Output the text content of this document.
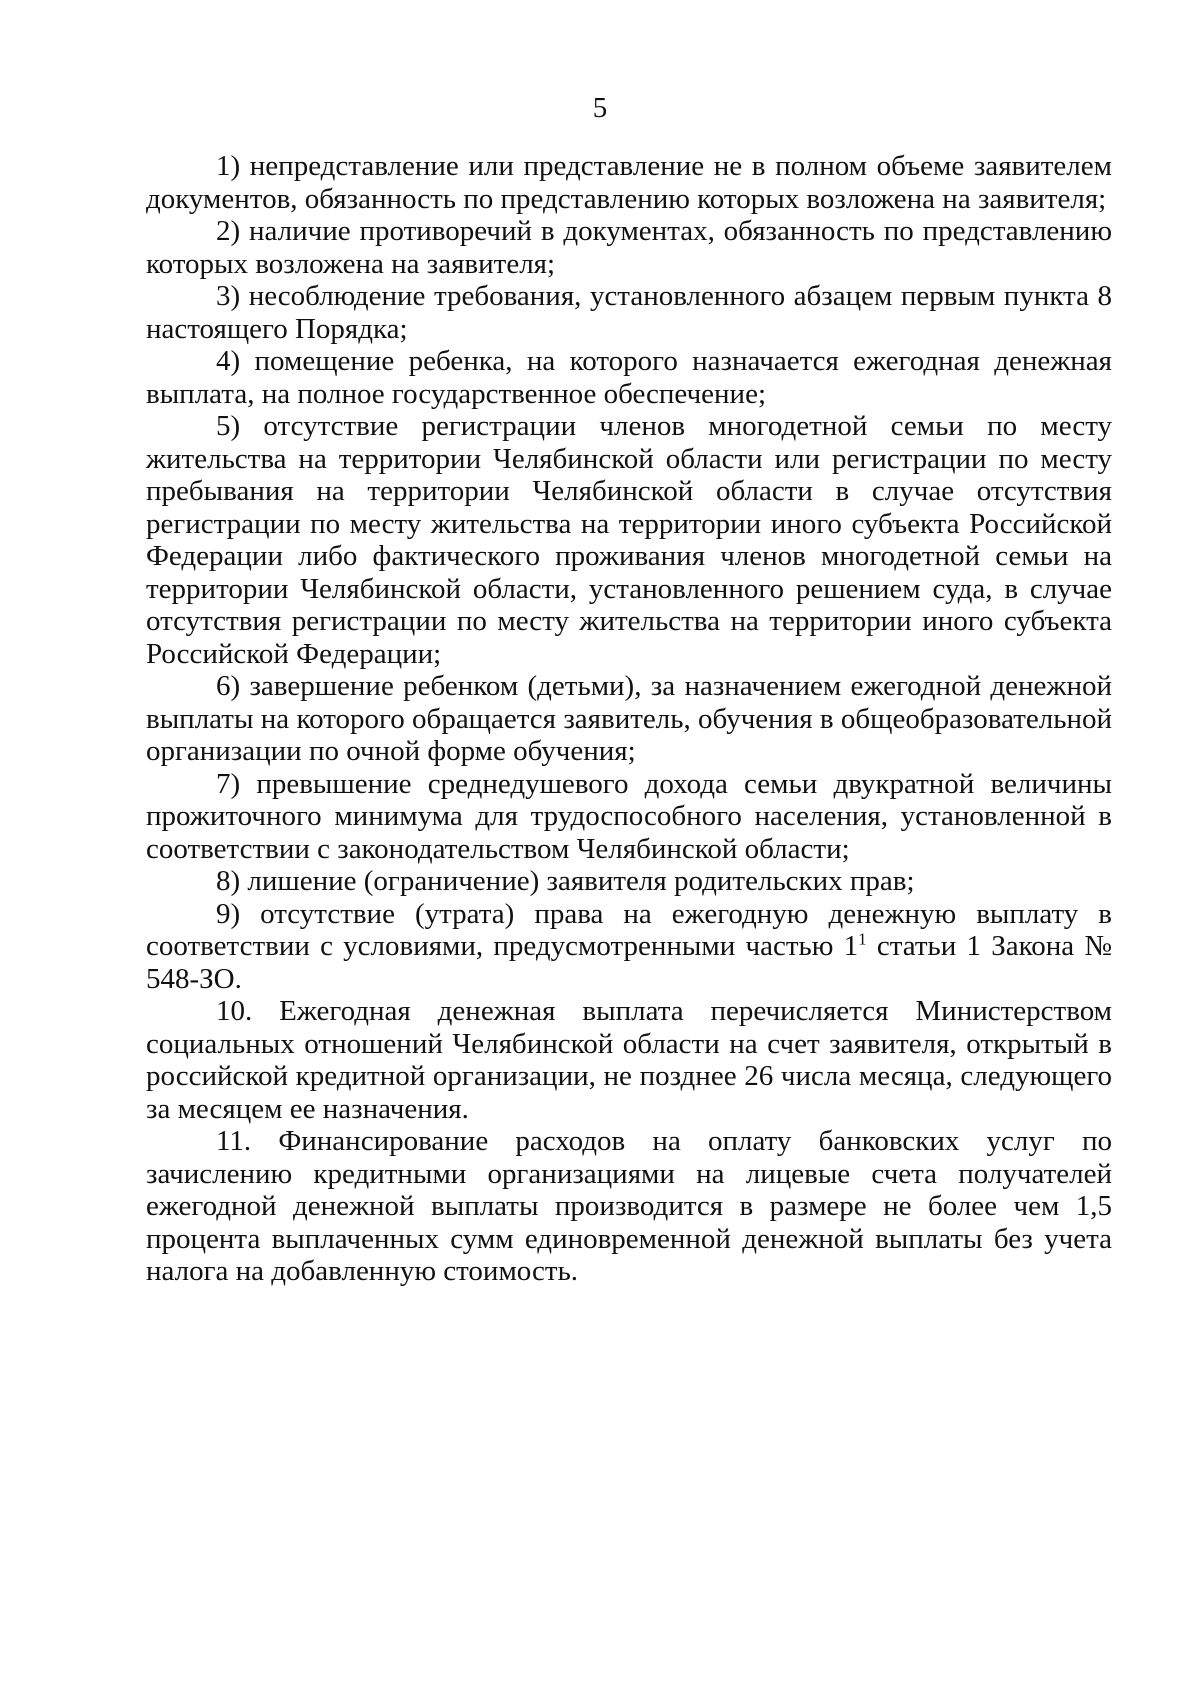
5

1) непредставление или представление не в полном объеме заявителем документов, обязанность по представлению которых возложена на заявителя;

2) наличие противоречий в документах, обязанность по представлению которых возложена на заявителя;

3) несоблюдение требования, установленного абзацем первым пункта 8 настоящего Порядка;

4) помещение ребенка, на которого назначается ежегодная денежная выплата, на полное государственное обеспечение;

5) отсутствие регистрации членов многодетной семьи по месту жительства на территории Челябинской области или регистрации по месту пребывания на территории Челябинской области в случае отсутствия регистрации по месту жительства на территории иного субъекта Российской Федерации либо фактического проживания членов многодетной семьи на территории Челябинской области, установленного решением суда, в случае отсутствия регистрации по месту жительства на территории иного субъекта Российской Федерации;

6) завершение ребенком (детьми), за назначением ежегодной денежной выплаты на которого обращается заявитель, обучения в общеобразовательной организации по очной форме обучения;

7) превышение среднедушевого дохода семьи двукратной величины прожиточного минимума для трудоспособного населения, установленной в соответствии с законодательством Челябинской области;

8) лишение (ограничение) заявителя родительских прав;

9) отсутствие (утрата) права на ежегодную денежную выплату в соответствии с условиями, предусмотренными частью $1^1$ статьи 1 Закона № 548-ЗО.

10. Ежегодная денежная выплата перечисляется Министерством социальных отношений Челябинской области на счет заявителя, открытый в российской кредитной организации, не позднее 26 числа месяца, следующего за месяцем ее назначения.

11. Финансирование расходов на оплату банковских услуг по зачислению кредитными организациями на лицевые счета получателей ежегодной денежной выплаты производится в размере не более чем 1,5 процента выплаченных сумм единовременной денежной выплаты без учета налога на добавленную стоимость.
